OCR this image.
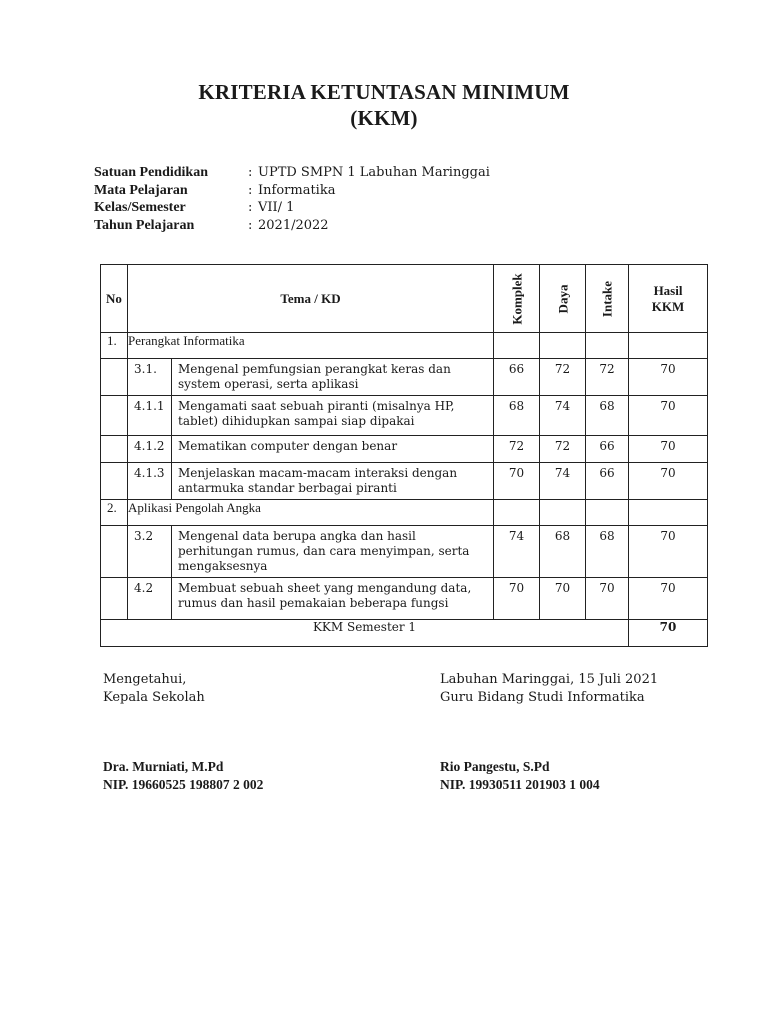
KRITERIA KETUNTASAN MINIMUM
(KKM)
Satuan Pendidikan	: UPTD SMPN 1 Labuhan Maringgai
Mata Pelajaran	: Informatika
Kelas/Semester	: VII/ 1
Tahun Pelajaran	: 2021/2022
No	Tema / KD		Komplek	Daya	Intake	Hasil KKM
1.	Perangkat Informatika					
	3.1.	Mengenal pemfungsian perangkat keras dan system operasi, serta aplikasi	66	72	72	70
	4.1.1	Mengamati saat sebuah piranti (misalnya HP, tablet) dihidupkan sampai siap dipakai	68	74	68	70
	4.1.2	Mematikan computer dengan benar	72	72	66	70
	4.1.3	Menjelaskan macam-macam interaksi dengan antarmuka standar berbagai piranti	70	74	66	70
2.	Aplikasi Pengolah Angka					
	3.2	Mengenal data berupa angka dan hasil perhitungan rumus, dan cara menyimpan, serta mengaksesnya	74	68	68	70
	4.2	Membuat sebuah sheet yang mengandung data, rumus dan hasil pemakaian beberapa fungsi	70	70	70	70
KKM Semester 1						70
Mengetahui,
Kepala Sekolah
Dra. Murniati, M.Pd
NIP. 19660525 198807 2 002
Labuhan Maringgai, 15 Juli 2021
Guru Bidang Studi Informatika
Rio Pangestu, S.Pd
NIP. 19930511 201903 1 004
